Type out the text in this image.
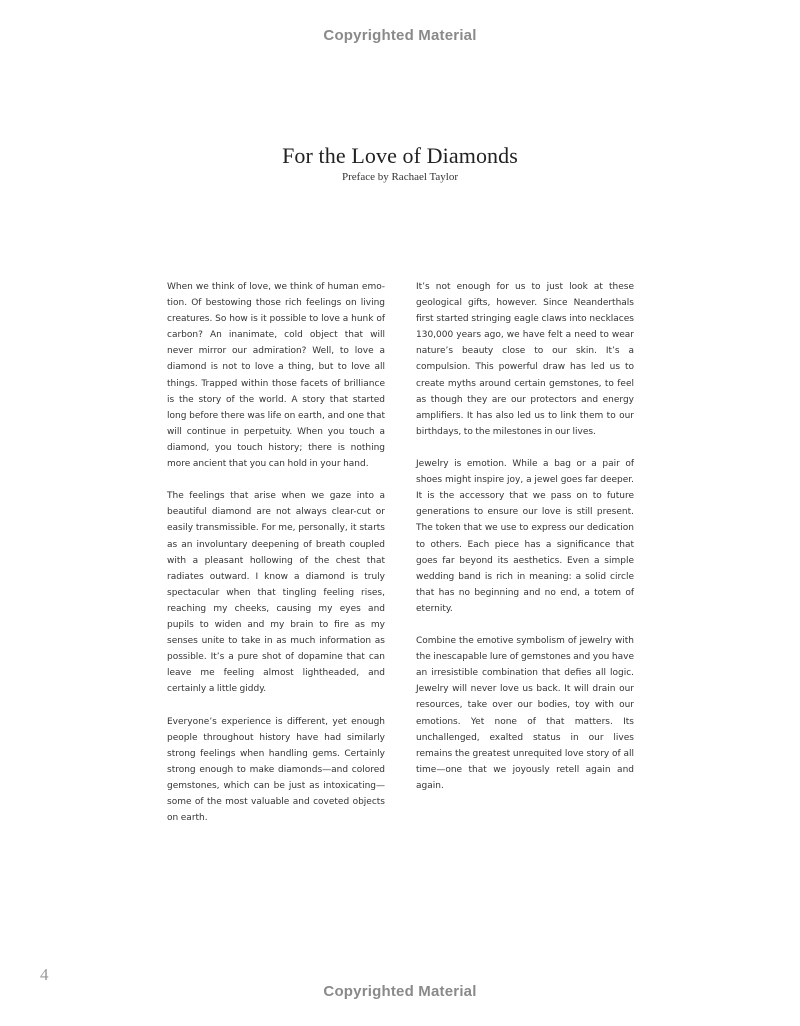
Copyrighted Material
For the Love of Diamonds
Preface by Rachael Taylor

When we think of love, we think of human emotion. Of bestowing those rich feelings on living creatures. So how is it possible to love a hunk of carbon? An inanimate, cold object that will never mirror our admiration? Well, to love a diamond is not to love a thing, but to love all things. Trapped within those facets of brilliance is the story of the world. A story that started long before there was life on earth, and one that will continue in perpetuity. When you touch a diamond, you touch history; there is nothing more ancient that you can hold in your hand.

The feelings that arise when we gaze into a beautiful diamond are not always clear-cut or easily transmissible. For me, personally, it starts as an involuntary deepening of breath coupled with a pleasant hollowing of the chest that radiates outward. I know a diamond is truly spectacular when that tingling feeling rises, reaching my cheeks, causing my eyes and pupils to widen and my brain to fire as my senses unite to take in as much information as possible. It’s a pure shot of dopamine that can leave me feeling almost lightheaded, and certainly a little giddy.

Everyone’s experience is different, yet enough people throughout history have had similarly strong feelings when handling gems. Certainly strong enough to make diamonds—and colored gemstones, which can be just as intoxicating—some of the most valuable and coveted objects on earth.

It’s not enough for us to just look at these geological gifts, however. Since Neanderthals first started stringing eagle claws into necklaces 130,000 years ago, we have felt a need to wear nature’s beauty close to our skin. It’s a compulsion. This powerful draw has led us to create myths around certain gemstones, to feel as though they are our protectors and energy amplifiers. It has also led us to link them to our birthdays, to the milestones in our lives.

Jewelry is emotion. While a bag or a pair of shoes might inspire joy, a jewel goes far deeper. It is the accessory that we pass on to future generations to ensure our love is still present. The token that we use to express our dedication to others. Each piece has a significance that goes far beyond its aesthetics. Even a simple wedding band is rich in meaning: a solid circle that has no beginning and no end, a totem of eternity.

Combine the emotive symbolism of jewelry with the inescapable lure of gemstones and you have an irresistible combination that defies all logic. Jewelry will never love us back. It will drain our resources, take over our bodies, toy with our emotions. Yet none of that matters. Its unchallenged, exalted status in our lives remains the greatest unrequited love story of all time—one that we joyously retell again and again.

4
Copyrighted Material
